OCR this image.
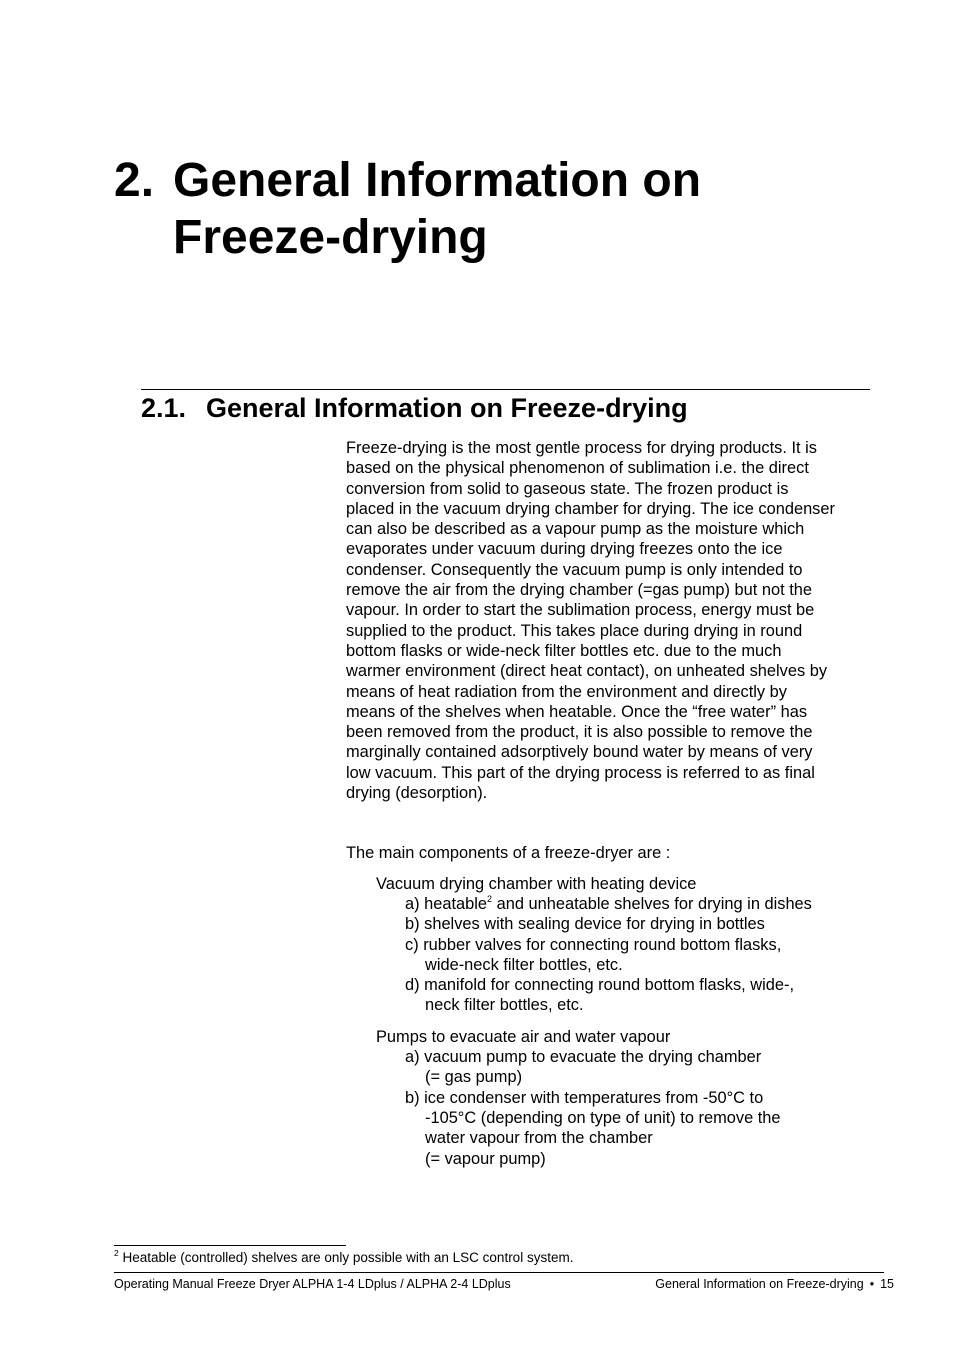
2. General Information on
Freeze-drying
2.1. General Information on Freeze-drying

Freeze-drying is the most gentle process for drying products. It is
based on the physical phenomenon of sublimation i.e. the direct
conversion from solid to gaseous state. The frozen product is
placed in the vacuum drying chamber for drying. The ice condenser
can also be described as a vapour pump as the moisture which
evaporates under vacuum during drying freezes onto the ice
condenser. Consequently the vacuum pump is only intended to
remove the air from the drying chamber (=gas pump) but not the
vapour. In order to start the sublimation process, energy must be
supplied to the product. This takes place during drying in round
bottom flasks or wide-neck filter bottles etc. due to the much
warmer environment (direct heat contact), on unheated shelves by
means of heat radiation from the environment and directly by
means of the shelves when heatable. Once the “free water” has
been removed from the product, it is also possible to remove the
marginally contained adsorptively bound water by means of very
low vacuum. This part of the drying process is referred to as final
drying (desorption).

The main components of a freeze-dryer are :

Vacuum drying chamber with heating device
a) heatable$^2$ and unheatable shelves for drying in dishes
b) shelves with sealing device for drying in bottles
c) rubber valves for connecting round bottom flasks,
wide-neck filter bottles, etc.
d) manifold for connecting round bottom flasks, wide-,
neck filter bottles, etc.
Pumps to evacuate air and water vapour
a) vacuum pump to evacuate the drying chamber
(= gas pump)
b) ice condenser with temperatures from -50°C to
-105°C (depending on type of unit) to remove the
water vapour from the chamber
(= vapour pump)
$^2$ Heatable (controlled) shelves are only possible with an LSC control system.
Operating Manual Freeze Dryer ALPHA 1-4 LDplus / ALPHA 2-4 LDplus	General Information on Freeze-drying • 15
